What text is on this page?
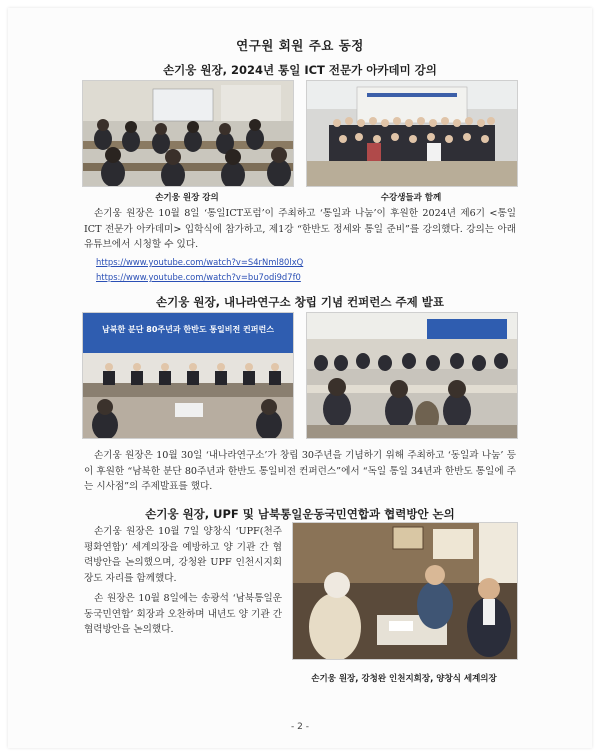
연구원 회원 주요 동정
손기웅 원장, 2024년 통일 ICT 전문가 아카데미 강의
손기웅 원장 강의	수강생들과 함께

손기웅 원장은 10월 8일 ‘통일ICT포럼’이 주최하고 ‘통일과 나눔’이 후원한 2024년 제6기 <통일 ICT 전문가 아카데미> 입학식에 참가하고, 제1강 “한반도 정세와 통일 준비”를 강의했다. 강의는 아래 유튜브에서 시청할 수 있다.

https://www.youtube.com/watch?v=S4rNml80lxQ
https://www.youtube.com/watch?v=bu7odi9d7f0
손기웅 원장, 내나라연구소 창립 기념 컨퍼런스 주제 발표
남북한 분단 80주년과 한반도 통일비전 컨퍼런스

손기웅 원장은 10월 30일 ‘내나라연구소’가 창립 30주년을 기념하기 위해 주최하고 ‘동일과 나눔’ 등이 후원한 “남북한 분단 80주년과 한반도 통일비전 컨퍼런스”에서 “독일 통일 34년과 한반도 통일에 주는 시사점”의 주제발표를 했다.

손기웅 원장, UPF 및 남북통일운동국민연합과 협력방안 논의

손기웅 원장은 10월 7일 양창식 ‘UPF(천주평화연합)’ 세계의장을 예방하고 양 기관 간 협력방안을 논의했으며, 강청완 UPF 인천시지회장도 자리를 함께했다.

손 원장은 10월 8일에는 송광석 ‘남북통일운동국민연합’ 회장과 오찬하며 내년도 양 기관 간 협력방안을 논의했다.

손기웅 원장, 강청완 인천지회장, 양창식 세계의장
- 2 -
